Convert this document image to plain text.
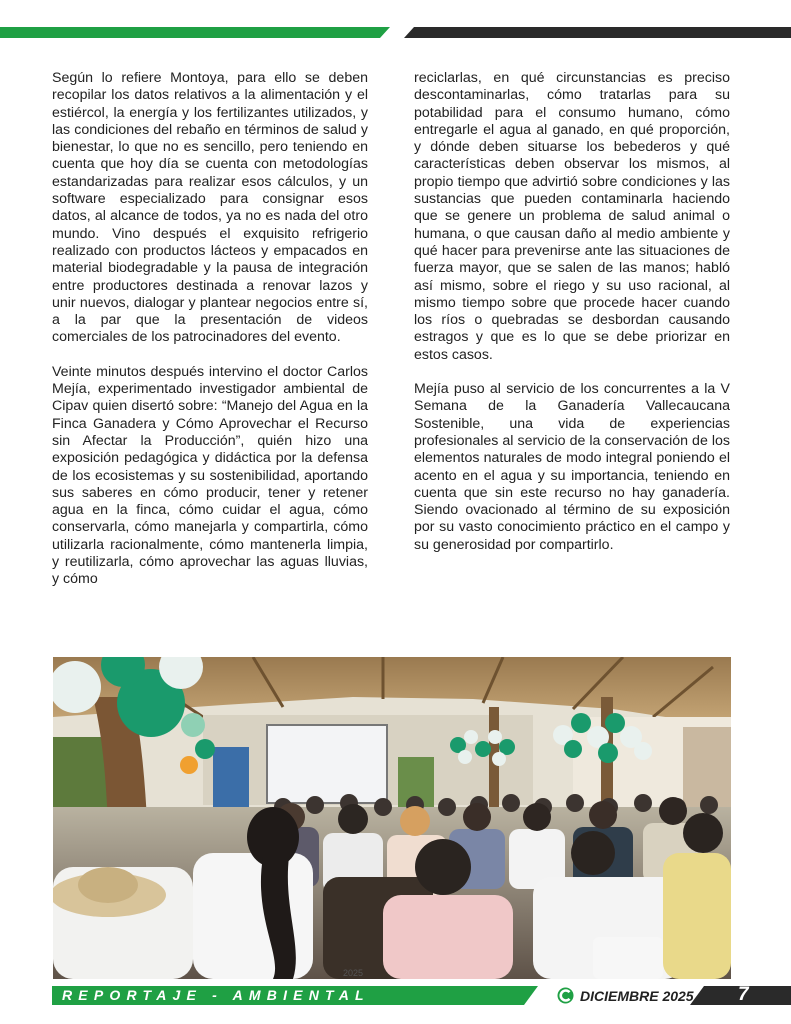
Según lo refiere Montoya, para ello se deben recopilar los datos relativos a la alimentación y el estiércol, la energía y los fertilizantes utilizados, y las condiciones del rebaño en términos de salud y bienestar, lo que no es sencillo, pero teniendo en cuenta que hoy día se cuenta con metodologías estandarizadas para realizar esos cálculos, y un software especializado para consignar esos datos, al alcance de todos, ya no es nada del otro mundo. Vino después el exquisito refrigerio realizado con productos lácteos y empacados en material biodegradable y la pausa de integración entre productores destinada a renovar lazos y unir nuevos, dialogar y plantear negocios entre sí, a la par que la presentación de videos comerciales de los patrocinadores del evento.

Veinte minutos después intervino el doctor Carlos Mejía, experimentado investigador ambiental de Cipav quien disertó sobre: “Manejo del Agua en la Finca Ganadera y Cómo Aprovechar el Recurso sin Afectar la Producción”, quién hizo una exposición pedagógica y didáctica por la defensa de los ecosistemas y su sostenibilidad, aportando sus saberes en cómo producir, tener y retener agua en la finca, cómo cuidar el agua, cómo conservarla, cómo manejarla y compartirla, cómo utilizarla racionalmente, cómo mantenerla limpia, y reutilizarla, cómo aprovechar las aguas lluvias, y cómo

reciclarlas, en qué circunstancias es preciso descontaminarlas, cómo tratarlas para su potabilidad para el consumo humano, cómo entregarle el agua al ganado, en qué proporción, y dónde deben situarse los bebederos y qué características deben observar los mismos, al propio tiempo que advirtió sobre condiciones y las sustancias que pueden contaminarla haciendo que se genere un problema de salud animal o humana, o que causan daño al medio ambiente y qué hacer para prevenirse ante las situaciones de fuerza mayor, que se salen de las manos; habló así mismo, sobre el riego y su uso racional, al mismo tiempo sobre que procede hacer cuando los ríos o quebradas se desbordan causando estragos y que es lo que se debe priorizar en estos casos.

Mejía puso al servicio de los concurrentes a la V Semana de la Ganadería Vallecaucana Sostenible, una vida de experiencias profesionales al servicio de la conservación de los elementos naturales de modo integral poniendo el acento en el agua y su importancia, teniendo en cuenta que sin este recurso no hay ganadería. Siendo ovacionado al término de su exposición por su vasto conocimiento práctico en el campo y su generosidad por compartirlo.

2025
REPORTAJE - AMBIENTAL	DICIEMBRE 2025 7
